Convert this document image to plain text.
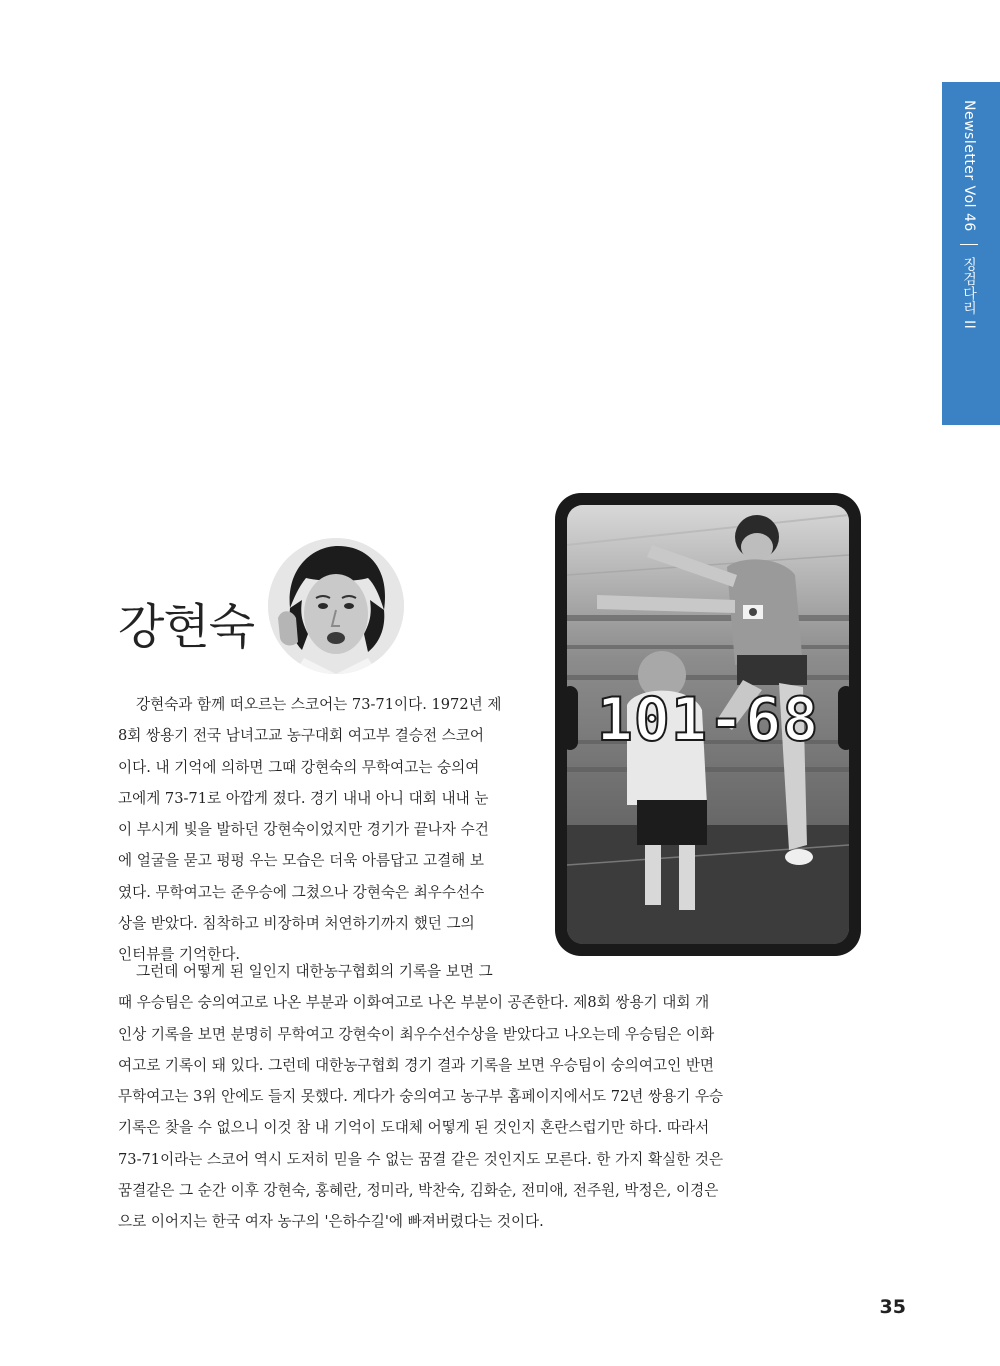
Newsletter Vol 46
징검다리 II
강현숙
101-68
강현숙과 함께 떠오르는 스코어는 73-71이다. 1972년 제
8회 쌍용기 전국 남녀고교 농구대회 여고부 결승전 스코어
이다. 내 기억에 의하면 그때 강현숙의 무학여고는 숭의여
고에게 73-71로 아깝게 졌다. 경기 내내 아니 대회 내내 눈
이 부시게 빛을 발하던 강현숙이었지만 경기가 끝나자 수건
에 얼굴을 묻고 펑펑 우는 모습은 더욱 아름답고 고결해 보
였다. 무학여고는 준우승에 그쳤으나 강현숙은 최우수선수
상을 받았다. 침착하고 비장하며 처연하기까지 했던 그의
인터뷰를 기억한다.
그런데 어떻게 된 일인지 대한농구협회의 기록을 보면 그
때 우승팀은 숭의여고로 나온 부분과 이화여고로 나온 부분이 공존한다. 제8회 쌍용기 대회 개
인상 기록을 보면 분명히 무학여고 강현숙이 최우수선수상을 받았다고 나오는데 우승팀은 이화
여고로 기록이 돼 있다. 그런데 대한농구협회 경기 결과 기록을 보면 우승팀이 숭의여고인 반면
무학여고는 3위 안에도 들지 못했다. 게다가 숭의여고 농구부 홈페이지에서도 72년 쌍용기 우승
기록은 찾을 수 없으니 이것 참 내 기억이 도대체 어떻게 된 것인지 혼란스럽기만 하다. 따라서
73-71이라는 스코어 역시 도저히 믿을 수 없는 꿈결 같은 것인지도 모른다. 한 가지 확실한 것은
꿈결같은 그 순간 이후 강현숙, 홍혜란, 정미라, 박찬숙, 김화순, 전미애, 전주원, 박정은, 이경은
으로 이어지는 한국 여자 농구의 '은하수길'에 빠져버렸다는 것이다.
35
